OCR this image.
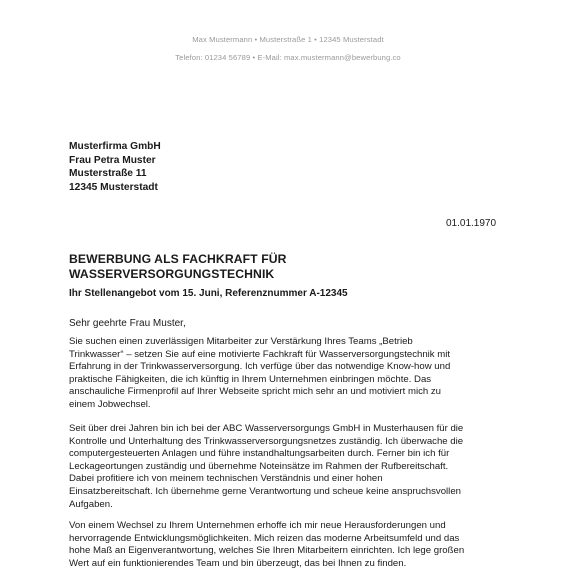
Max Mustermann • Musterstraße 1 • 12345 Musterstadt
Telefon: 01234 56789 • E-Mail: max.mustermann@bewerbung.co
Musterfirma GmbH
Frau Petra Muster
Musterstraße 11
12345 Musterstadt
01.01.1970
BEWERBUNG ALS FACHKRAFT FÜR
WASSERVERSORGUNGSTECHNIK
Ihr Stellenangebot vom 15. Juni, Referenznummer A-12345
Sehr geehrte Frau Muster,
Sie suchen einen zuverlässigen Mitarbeiter zur Verstärkung Ihres Teams „Betrieb
Trinkwasser“ – setzen Sie auf eine motivierte Fachkraft für Wasserversorgungstechnik mit
Erfahrung in der Trinkwasserversorgung. Ich verfüge über das notwendige Know-how und
praktische Fähigkeiten, die ich künftig in Ihrem Unternehmen einbringen möchte. Das
anschauliche Firmenprofil auf Ihrer Webseite spricht mich sehr an und motiviert mich zu
einem Jobwechsel.
Seit über drei Jahren bin ich bei der ABC Wasserversorgungs GmbH in Musterhausen für die
Kontrolle und Unterhaltung des Trinkwasserversorgungsnetzes zuständig. Ich überwache die
computergesteuerten Anlagen und führe instandhaltungsarbeiten durch. Ferner bin ich für
Leckageortungen zuständig und übernehme Noteinsätze im Rahmen der Rufbereitschaft.
Dabei profitiere ich von meinem technischen Verständnis und einer hohen
Einsatzbereitschaft. Ich übernehme gerne Verantwortung und scheue keine anspruchsvollen
Aufgaben.
Von einem Wechsel zu Ihrem Unternehmen erhoffe ich mir neue Herausforderungen und
hervorragende Entwicklungsmöglichkeiten. Mich reizen das moderne Arbeitsumfeld und das
hohe Maß an Eigenverantwortung, welches Sie Ihren Mitarbeitern einrichten. Ich lege großen
Wert auf ein funktionierendes Team und bin überzeugt, das bei Ihnen zu finden.
